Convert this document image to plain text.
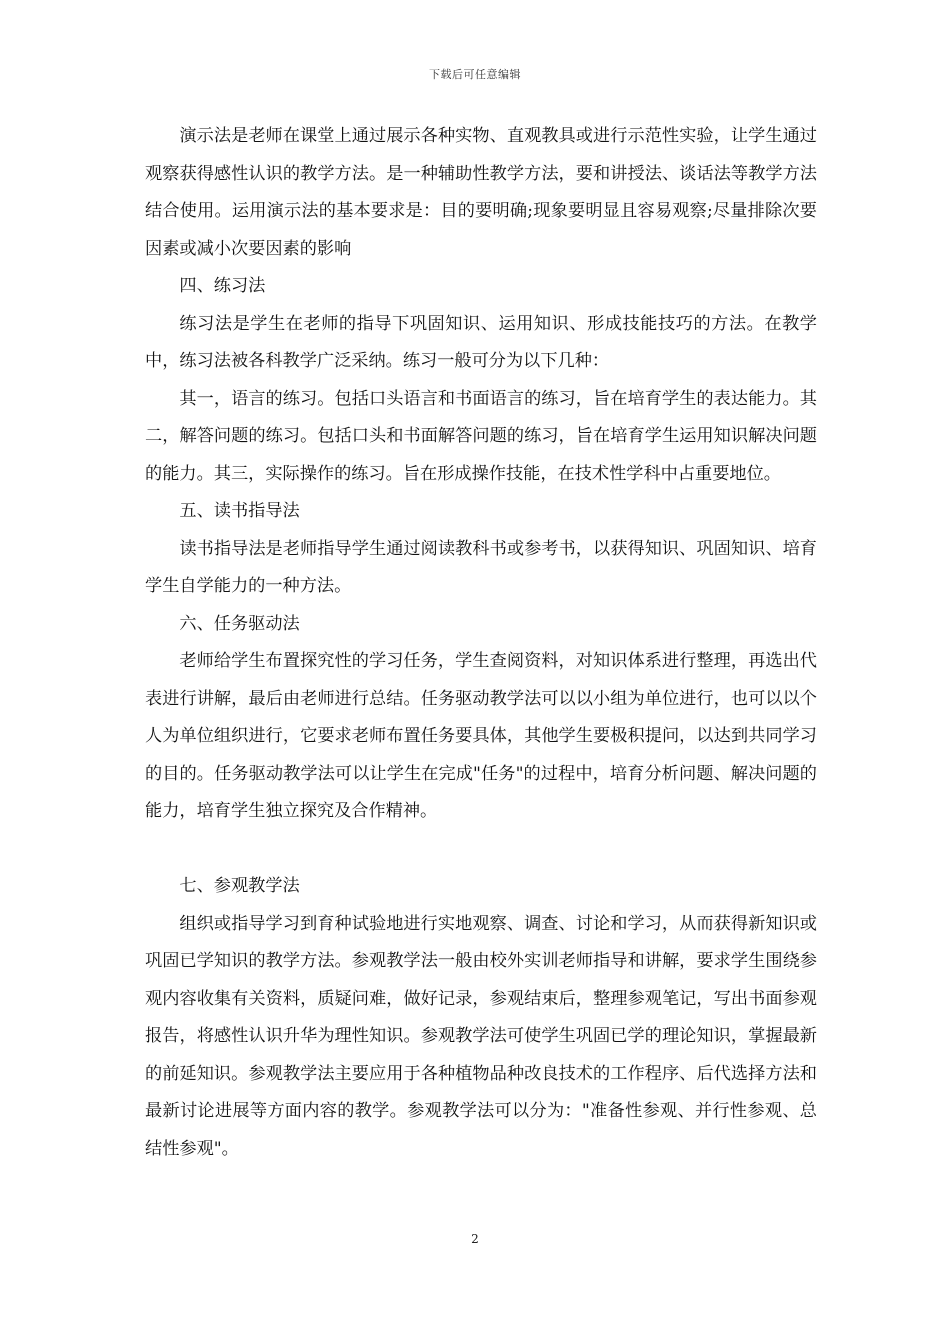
下载后可任意编辑

演示法是老师在课堂上通过展示各种实物、直观教具或进行示范性实验，让学生通过观察获得感性认识的教学方法。是一种辅助性教学方法，要和讲授法、谈话法等教学方法结合使用。运用演示法的基本要求是：目的要明确;现象要明显且容易观察;尽量排除次要因素或减小次要因素的影响

四、练习法

练习法是学生在老师的指导下巩固知识、运用知识、形成技能技巧的方法。在教学中，练习法被各科教学广泛采纳。练习一般可分为以下几种：

其一，语言的练习。包括口头语言和书面语言的练习，旨在培育学生的表达能力。其二，解答问题的练习。包括口头和书面解答问题的练习，旨在培育学生运用知识解决问题的能力。其三，实际操作的练习。旨在形成操作技能，在技术性学科中占重要地位。

五、读书指导法

读书指导法是老师指导学生通过阅读教科书或参考书，以获得知识、巩固知识、培育学生自学能力的一种方法。

六、任务驱动法

老师给学生布置探究性的学习任务，学生查阅资料，对知识体系进行整理，再选出代表进行讲解，最后由老师进行总结。任务驱动教学法可以以小组为单位进行，也可以以个人为单位组织进行，它要求老师布置任务要具体，其他学生要极积提问，以达到共同学习的目的。任务驱动教学法可以让学生在完成"任务"的过程中，培育分析问题、解决问题的能力，培育学生独立探究及合作精神。

七、参观教学法

组织或指导学习到育种试验地进行实地观察、调查、讨论和学习，从而获得新知识或巩固已学知识的教学方法。参观教学法一般由校外实训老师指导和讲解，要求学生围绕参观内容收集有关资料，质疑问难，做好记录，参观结束后，整理参观笔记，写出书面参观报告，将感性认识升华为理性知识。参观教学法可使学生巩固已学的理论知识，掌握最新的前延知识。参观教学法主要应用于各种植物品种改良技术的工作程序、后代选择方法和最新讨论进展等方面内容的教学。参观教学法可以分为："准备性参观、并行性参观、总结性参观"。

2
